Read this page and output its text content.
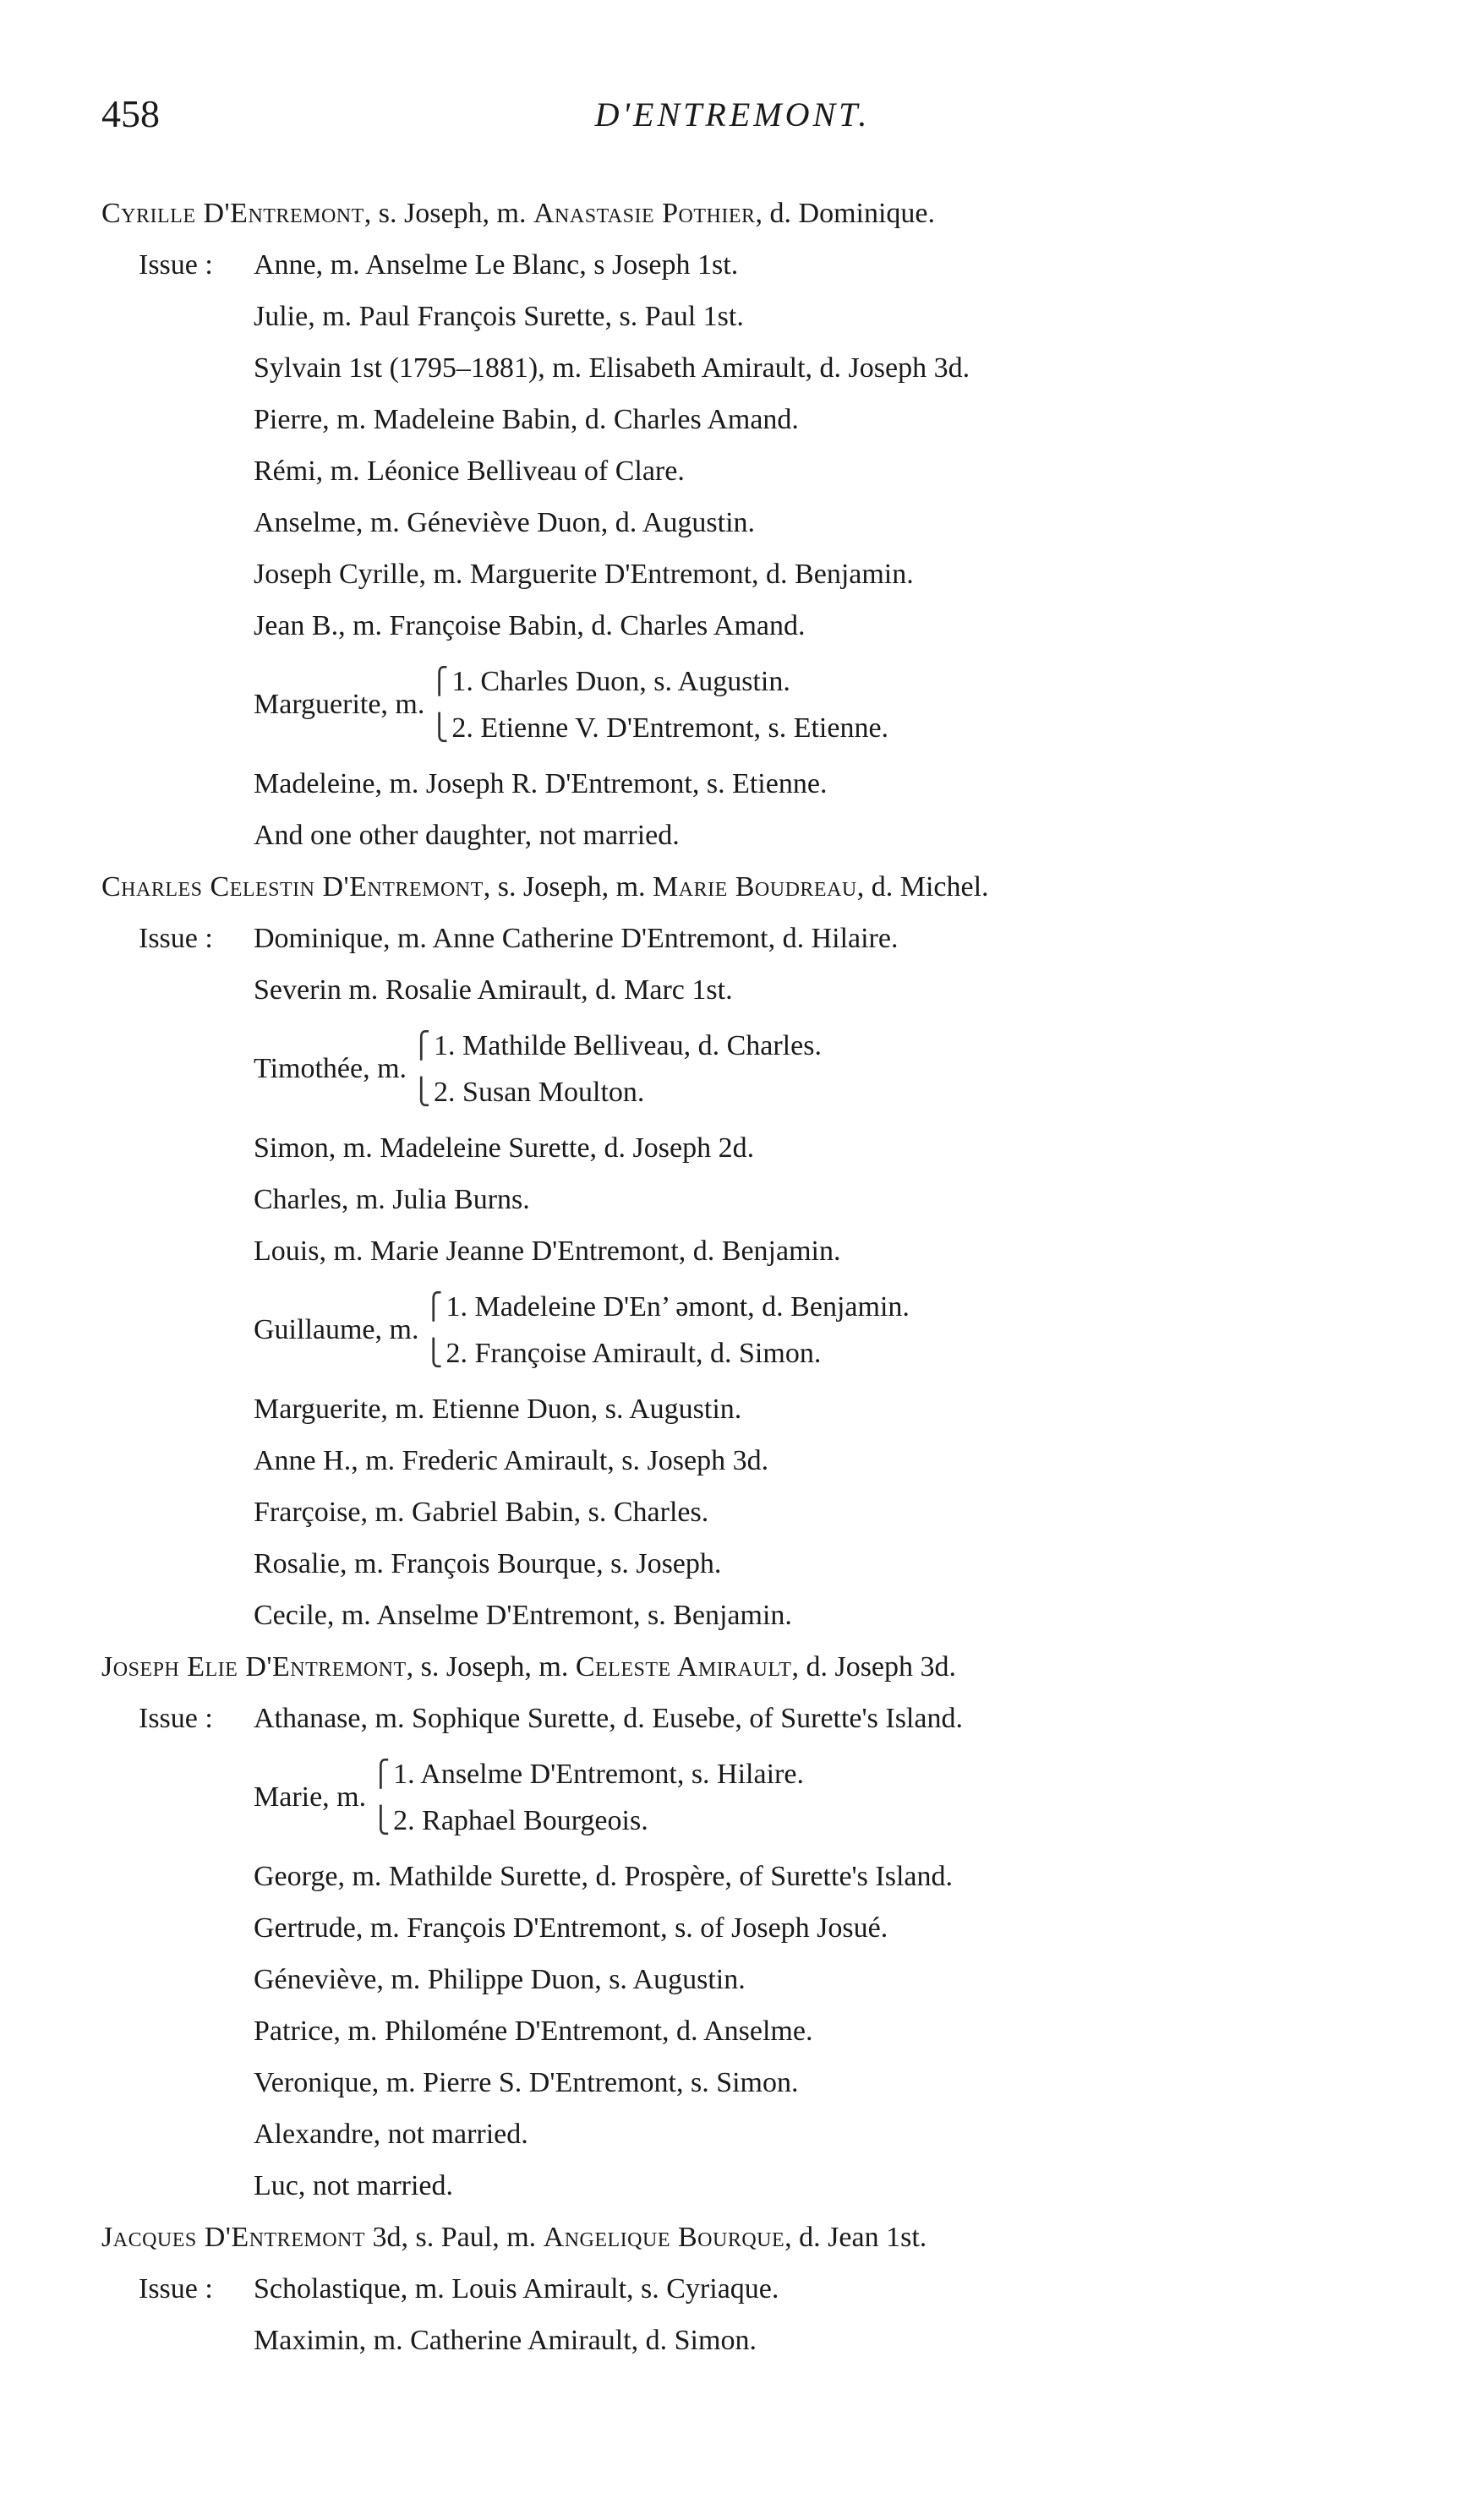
458	D'ENTREMONT.
Cyrille D'Entremont, s. Joseph, m. Anastasie Pothier, d. Dominique.
Issue : Anne, m. Anselme Le Blanc, s Joseph 1st.
Julie, m. Paul François Surette, s. Paul 1st.
Sylvain 1st (1795–1881), m. Elisabeth Amirault, d. Joseph 3d.
Pierre, m. Madeleine Babin, d. Charles Amand.
Rémi, m. Léonice Belliveau of Clare.
Anselme, m. Géneviève Duon, d. Augustin.
Joseph Cyrille, m. Marguerite D'Entremont, d. Benjamin.
Jean B., m. Françoise Babin, d. Charles Amand.
Marguerite, m.
⎧
⎩
1. Charles Duon, s. Augustin.
2. Etienne V. D'Entremont, s. Etienne.
Madeleine, m. Joseph R. D'Entremont, s. Etienne.
And one other daughter, not married.
Charles Celestin D'Entremont, s. Joseph, m. Marie Boudreau, d. Michel.
Issue : Dominique, m. Anne Catherine D'Entremont, d. Hilaire.
Severin m. Rosalie Amirault, d. Marc 1st.
Timothée, m.
⎧
⎩
1. Mathilde Belliveau, d. Charles.
2. Susan Moulton.
Simon, m. Madeleine Surette, d. Joseph 2d.
Charles, m. Julia Burns.
Louis, m. Marie Jeanne D'Entremont, d. Benjamin.
Guillaume, m.
⎧
⎩
1. Madeleine D'En’ əmont, d. Benjamin.
2. Françoise Amirault, d. Simon.
Marguerite, m. Etienne Duon, s. Augustin.
Anne H., m. Frederic Amirault, s. Joseph 3d.
Frarçoise, m. Gabriel Babin, s. Charles.
Rosalie, m. François Bourque, s. Joseph.
Cecile, m. Anselme D'Entremont, s. Benjamin.
Joseph Elie D'Entremont, s. Joseph, m. Celeste Amirault, d. Joseph 3d.
Issue : Athanase, m. Sophique Surette, d. Eusebe, of Surette's Island.
Marie, m.
⎧
⎩
1. Anselme D'Entremont, s. Hilaire.
2. Raphael Bourgeois.
George, m. Mathilde Surette, d. Prospère, of Surette's Island.
Gertrude, m. François D'Entremont, s. of Joseph Josué.
Géneviève, m. Philippe Duon, s. Augustin.
Patrice, m. Philoméne D'Entremont, d. Anselme.
Veronique, m. Pierre S. D'Entremont, s. Simon.
Alexandre, not married.
Luc, not married.
Jacques D'Entremont 3d, s. Paul, m. Angelique Bourque, d. Jean 1st.
Issue : Scholastique, m. Louis Amirault, s. Cyriaque.
Maximin, m. Catherine Amirault, d. Simon.
